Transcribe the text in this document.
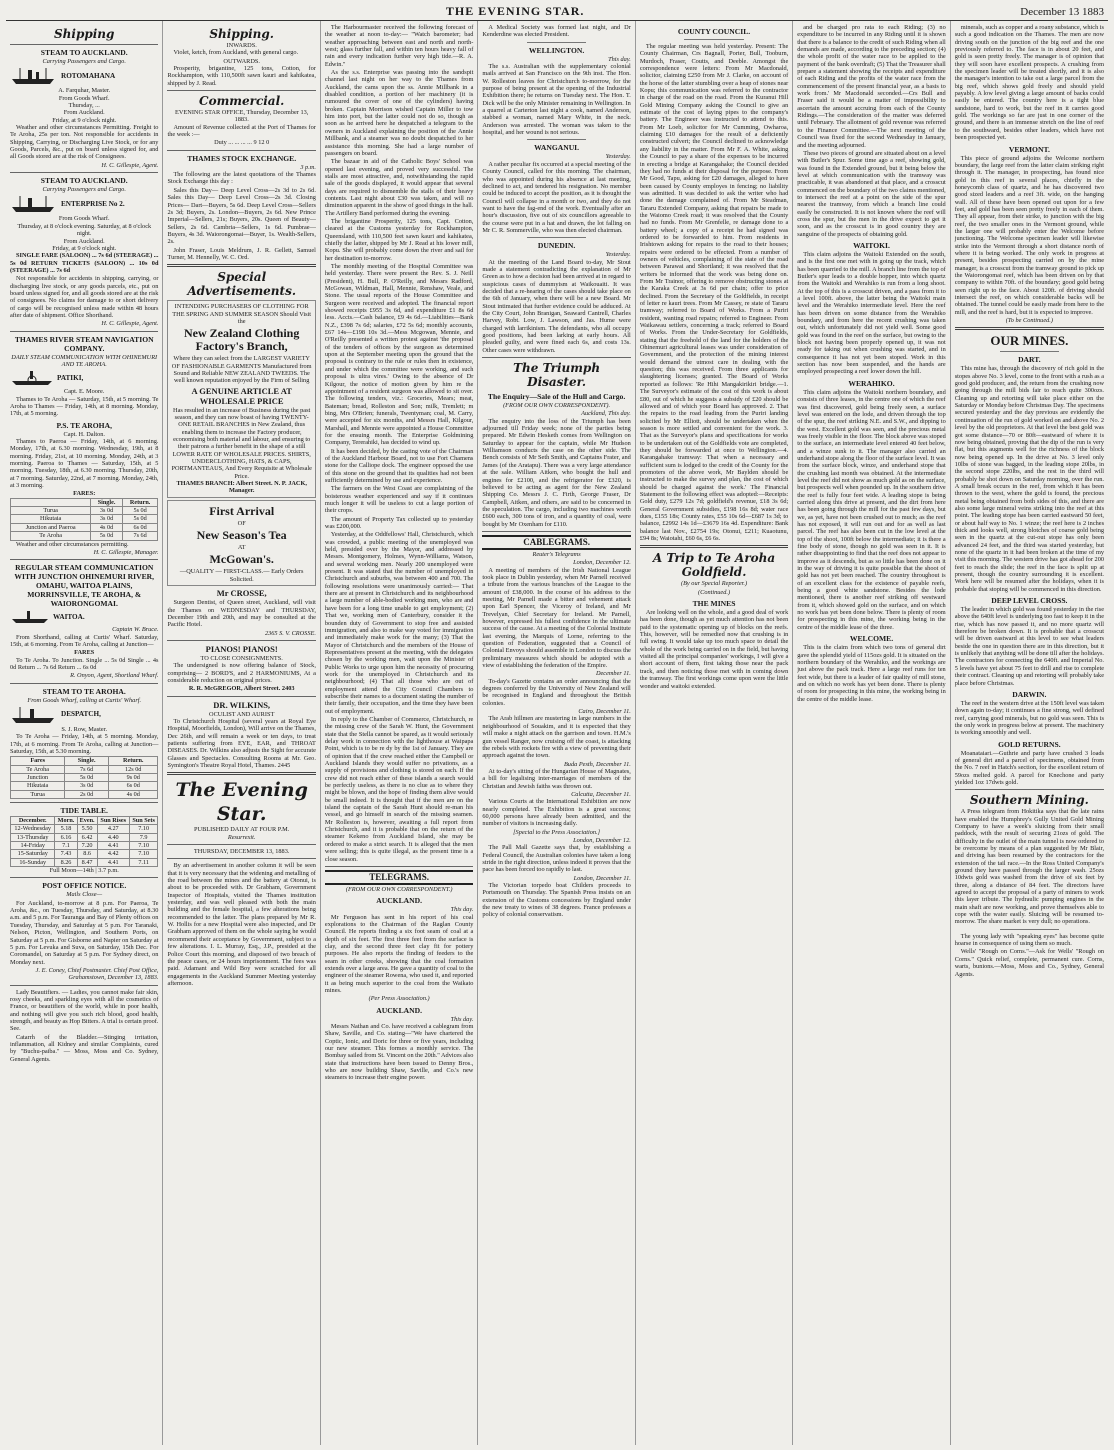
THE EVENING STAR.	December 13 1883
Shipping
STEAM TO AUCKLAND.
Carrying Passengers and Cargo.
ROTOMAHANA
A. Farquhar, Master.
From Goods Wharf.
Thursday, ...
From Auckland.
Friday, at 9 o'clock night.

Weather and other circumstances Permitting. Freight to Te Aroha, 25s per ton. Not responsible for accidents in Shipping, Carrying, or Discharging Live Stock, or for any Goods, Parcels, &c., put on board unless signed for, and all Goods stored are at the risk of Consignees.

H. C. Gillespie, Agent.
STEAM TO AUCKLAND.
Carrying Passengers and Cargo.
ENTERPRISE No 2.
From Goods Wharf.
Thursday, at 8 o'clock evening. Saturday, at 8 o'clock night.
From Auckland.
Friday, at 9 o'clock night.

SINGLE FARE (SALOON) ... 7s 6d (STEERAGE) ... 5s 0d RETURN TICKETS (SALOON) ... 10s 0d (STEERAGE) ... 7s 6d

Not responsible for accidents in shipping, carrying, or discharging live stock, or any goods parcels, etc., put on board unless signed for, and all goods stored are at the risk of consignees. No claims for damage to or short delivery of cargo will be recognised unless made within 48 hours after date of shipment. Office Shorthand.

H. C. Gillespie, Agent.
THAMES RIVER STEAM NAVIGATION COMPANY.
DAILY STEAM COMMUNICATION WITH OHINEMURI AND TE AROHA.
PATIKI,
Capt. E. Moore.

Thames to Te Aroha — Saturday, 15th, at 5 morning. Te Aroha to Thames — Friday, 14th, at 8 morning. Monday, 17th, at 5 morning.

P.S. TE AROHA,
Capt. H. Dalton.

Thames to Paeroa — Friday, 14th, at 6 morning. Monday, 17th, at 6.30 morning. Wednesday, 19th, at 8 morning. Friday, 21st, at 10 morning. Monday, 24th, at 3 morning. Paeroa to Thames — Saturday, 15th, at 5 morning. Tuesday, 18th, at 6.30 morning. Thursday, 20th, at 7 morning. Saturday, 22nd, at 7 morning. Monday, 24th, at 3 morning.

FARES:
	Single.	Return.
Turua	3s 0d	5s 0d
Hikutaia	3s 0d	5s 0d
Junction and Paeroa	4s 0d	6s 0d
Te Aroha	5s 0d	7s 6d

Weather and other circumstances permitting.

H. C. Gillespie, Manager.
REGULAR STEAM COMMUNICATION WITH JUNCTION OHINEMURI RIVER, OMAHU, WAITOA PLAINS, MORRINSVILLE, TE AROHA, & WAIORONGOMAI.
WAITOA.
Captain W. Bruce.

From Shorthand, calling at Curtis' Wharf. Saturday, 15th, at 6 morning. From Te Aroha, calling at Junction—

FARES

To Te Aroha. To Junction. Single ... 5s 0d Single ... 4s 0d Return ... 7s 6d Return ... 6s 0d

R. Onyon, Agent, Shortland Wharf.
STEAM TO TE AROHA.
From Goods Wharf, calling at Curtis' Wharf.
DESPATCH,
S. J. Row, Master.

To Te Aroha — Friday, 14th, at 5 morning. Monday, 17th, at 6 morning. From Te Aroha, calling at Junction— Saturday, 15th, at 5.30 morning.

Fares	Single.	Return.
Te Aroha	7s 6d	12s 0d
Junction	5s 0d	9s 0d
Hikutaia	3s 0d	6s 0d
Turua	2s 0d	4s 0d
TIDE TABLE.
December.	Morn.	Even.	Sun Rises	Sun Sets
12-Wednesday	5.18	5.50	4.27	7.10
13-Thursday	6.16	6.42	4.40	7.9
14-Friday	7.1	7.20	4.41	7.10
15-Saturday	7.43	8.6	4.42	7.10
16-Sunday	8.26	8.47	4.41	7.11
Full Moon—14th | 3.7 p.m.
POST OFFICE NOTICE.
Mails Close—

For Auckland, to-morrow at 8 p.m. For Paeroa, Te Aroha, &c., on Tuesday, Thursday, and Saturday, at 8.30 a.m. and 5 p.m. For Tauranga and Bay of Plenty offices on Tuesday, Thursday, and Saturday at 5 p.m. For Taranaki, Nelson, Picton, Wellington, and Southern Ports, on Saturday at 5 p.m. For Gisborne and Napier on Saturday at 5 p.m. For Levuka and Suva, on Saturday, 15th Dec. For Coromandel, on Saturday at 5 p.m. For Sydney direct, on Monday next.

J. E. Coney, Chief Postmaster. Chief Post Office, Grahamstown, December 13, 1883.

Lady Beautifiers. — Ladies, you cannot make fair skin, rosy cheeks, and sparkling eyes with all the cosmetics of France, or beautifiers of the world, while in poor health, and nothing will give you such rich blood, good health, strength, and beauty as Hop Bitters. A trial is certain proof. See.

Catarrh of the Bladder.—Stinging irritation, inflammation, all Kidney and similar Complaints, cured by "Buchu-paiba." — Moss, Moss and Co. Sydney, General Agents.

Shipping.
INWARDS.

Violet, ketch, from Auckland, with general cargo.

OUTWARDS.

Prosperity, brigantine, 125 tons, Cotton, for Rockhampton, with 110,500ft sawn kauri and kahikatea, shipped by J. Read.

Commercial.
EVENING STAR OFFICE, Thursday, December 13, 1883.

Amount of Revenue collected at the Port of Thames for the week :—

Duty ... ... ... ... 9 12 0
THAMES STOCK EXCHANGE.
3 p.m.

The following are the latest quotations of the Thames Stock Exchange this day :

Sales this Day— Deep Level Cross—2s 3d to 2s 6d. Sales this Day— Deep Level Cross—2s 3d. Closing Prices— Dart—Buyers, 5s 6d. Deep Level Cross—Sellers 2s 3d; Buyers, 2s. London—Buyers, 2s 6d. New Prince Imperial—Sellers, 21s; Buyers, 20s. Queen of Beauty—Sellers, 2s 6d. Cambria—Sellers, 1s 6d. Pumbrae—Buyers, 4s 3d. Waiorongomai—Buyer, 1s. Wealth-Sellers, 2s.

John Fraser, Louis Meldrum, J. R. Gellett, Samuel Turner, M. Hennelly, W. C. Ord.

Special Advertisements.
INTENDING PURCHASERS OF CLOTHING FOR THE SPRING AND SUMMER SEASON Should Visit the
New Zealand Clothing Factory's Branch,
Where they can select from the LARGEST VARIETY OF FASHIONABLE GARMENTS Manufactured from Sound and Reliable NEW ZEALAND TWEEDS. The well known reputation enjoyed by the Firm of Selling
A GENUINE ARTICLE AT WHOLESALE PRICE
Has resulted in an increase of Business during the past season, and they can now boast of having TWENTY-ONE RETAIL BRANCHES in New Zealand, thus enabling them to increase the Factory producer, economising both material and labour, and ensuring to their patrons a further benefit in the shape of a still LOWER RATE OF WHOLESALE PRICES. SHIRTS, UNDERCLOTHING, HATS, & CAPS, PORTMANTEAUS, And Every Requisite at Wholesale Price.
THAMES BRANCH: Albert Street. N. P. JACK, Manager.
First Arrival
OF
New Season's Tea
AT
McGowan's.
—QUALITY — FIRST-CLASS.— Early Orders Solicited.
Mr CROSSE,

Surgeon Dentist, of Queen street, Auckland, will visit the Thames on WEDNESDAY and THURSDAY, December 19th and 20th, and may be consulted at the Pacific Hotel.

2365 S. V. CROSSE.
PIANOS! PIANOS!
TO CLOSE CONSIGNMENTS.

The undersigned is now offering balance of Stock, comprising— 2 BORD'S, and 2 HARMONIUMS, At a considerable reduction on original prices.

R. R. McGREGOR, Albert Street. 2403
DR. WILKINS,
OCULIST AND AURIST

To Christchurch Hospital (several years at Royal Eye Hospital, Moorfields, London), Will arrive on the Thames, Dec 26th, and will remain a week or ten days, to treat patients suffering from EYE, EAR, and THROAT DISEASES. Dr. Wilkins also adjusts the Sight for accurate Glasses and Spectacles. Consulting Rooms at Mr. Geo. Symington's Theatre Royal Hotel, Thames. 2445

The Evening Star.
PUBLISHED DAILY AT FOUR P.M.
Resurrexit.
THURSDAY, DECEMBER 13, 1883.

By an advertisement in another column it will be seen that it is very necessary that the widening and metalling of the road between the mines and the battery at Otonui, is about to be proceeded with. Dr Grabham, Government Inspector of Hospitals, visited the Thames institution yesterday, and was well pleased with both the main building and the female hospital, a few alterations being recommended to the latter. The plans prepared by Mr R. W. Hollis for a new Hospital were also inspected, and Dr Grabham approved of them on the whole saying he would recommend their acceptance by Government, subject to a few alterations. I. L. Murray, Esq., J.P., presided at the Police Court this morning, and disposed of two breach of the peace cases, or 24 hours imprisonment. The fees was paid. Adamant and Wild Boy were scratched for all engagements in the Auckland Summer Meeting yesterday afternoon.

The Harbourmaster received the following forecast of the weather at noon to-day:— "Watch barometer; bad weather approaching between east and north and north-west; glass further fall, and within ten hours heavy fall of rain and every indication further very high tide.—R. A. Edwin."

As the s.s. Enterprise was passing into the sandspit channel last night on her way to the Thames from Auckland, the cams upon the ss. Annie Millbank in a disabled condition, a portion of her machinery (it is rumoured the cover of one of the cylinders) having broken. Captain Morrison wished Captain Miller to tow him into port, but the latter could not do so, though as soon as he arrived here he despatched a telegram to the owners in Auckland explaining the position of the Annie Millbank, and a steamer was no doubt despatched to her assistance this morning. She had a large number of passengers on board.

The bazaar in aid of the Catholic Boys' School was opened last evening, and proved very successful. The stalls are most attractive, and, notwithstanding the rapid sale of the goods displayed, it would appear that several days are required to dismemble the stalls of their heavy contents. Last night about £30 was taken, and will no diminution apparent in the show of good things in the hall. The Artillery Band performed during the evening.

The brigantine Prosperity, 125 tons, Capt. Cotton, cleared at the Customs yesterday for Rockhampton, Queensland, with 110,500 feet sawn kauri and kahikatea, chiefly the latter, shipped by Mr J. Read at his lower mill, Kopu. She will probably come down the river and sail for her destination to-morrow.

The monthly meeting of the Hospital Committee was held yesterday. There were present the Rev. S. J. Neill (President), H. Bull, P. O'Reilly, and Messrs Radford, McGowan, Wildman, Hall, Mennie, Renshaw, Veale, and Stone. The usual reports of the House Committee and Surgeon were received and adopted. The financial report showed receipts £955 3s 6d, and expenditure £1 8s 6d less. Accts.—Cash balance, £9 4s 6d.—Liabilities—Bank N.Z., £398 7s 6d; salaries, £72 5s 6d; monthly accounts, £67 14s—£198 10s 3d.—Mess Mcgowan, Mennie, and O'Reilly presented a written protest against 'the proposal of the tenders of offices by the surgeon as determined upon at the September meeting upon the ground that the proposal is contrary to the rule or rules then in existence, and under which the committee were working, and such proposal is ultra vires.' Owing to the absence of Dr Kilgour, the notice of motion given by him re the appointment of a resident surgeon was allowed to sit over. The following tenders, viz.: Groceries, Mears; meat, Bateman; bread, Rolleston and Son; milk, Tremlett; m bing, Mrs O'Brien; funerals, Twentyman; coal, M. Carry, were accepted for six months, and Messrs Hall, Kilgour, Marshall, and Mennie were appointed a House Committee for the ensuing month. The Enterprise Goldmining Company, Tererahiki, has decided to wind up.

It has been decided, by the casting vote of the Chairman of the Auckland Harbour Board, not to use Fort Chamens stone for the Calliope dock. The engineer opposed the use of this stone on the ground that its qualities had not been sufficiently determined by use and experience.

The farmers on the West Coast are complaining of the boisterous weather experienced and say if it continues much longer it will be useless to cut a large portion of their crops.

The amount of Property Tax collected up to yesterday was £200,000.

Yesterday, at the Oddfellows' Hall, Christchurch, which was crowded, a public meeting of the unemployed was held, presided over by the Mayor, and addressed by Messrs. Montgomery, Holmes, Wynn-Williams, Watson, and several working men. Nearly 200 unemployed were present. It was stated that the number of unemployed in Christchurch and suburbs, was between 400 and 700. The following resolutions were unanimously carried:— That there are at present in Christchurch and its neighbourhood a large number of able-bodied working men, who are and have been for a long time unable to get employment; (2) That we, working men of Canterbury, consider it the bounden duty of Government to stop free and assisted immigration, and also to make way voted for immigration and immediately make work for the many; (3) That the Mayor of Christchurch and the members of the House of Representatives present at the meeting, with the delegates chosen by the working men, wait upon the Minister of Public Works to urge upon him the necessity of procuring work for the unemployed in Christchurch and its neighbourhood; (4) That all those who are out of employment attend the City Council Chambers to subscribe their names to a document stating the number of their family, their occupation, and the time they have been out of employment.

In reply to the Chamber of Commerce, Christchurch, re the missing crew of the Sarah W. Hunt, the Government state that the Stella cannot be spared, as it would seriously delay work in connection with the lighthouse at Waipapa Point, which is to be re dy by the 1st of January. They are of opinion that if the crew reached either the Campbell or Auckland Islands they would suffer no privations, as a supply of provisions and clothing is stored on each. If the crew did not reach either of these islands a search would be perfectly useless, as there is no clue as to where they might be blown, and the hope of finding them alive would be small indeed. It is thought that if the men are on the island the captain of the Sarah Hunt should re-man his vessel, and go himself in search of the missing seamen. Mr Rolleston is, however, awaiting a full report from Christchurch, and it is probable that on the return of the steamer Kekeno from Auckland Island, she may be ordered to make a strict search. It is alleged that the men were selling; this is quite illegal, as the present time is a close season.

TELEGRAMS.
(FROM OUR OWN CORRESPONDENT.)
AUCKLAND.
This day.

Mr Ferguson has sent in his report of his coal explorations to the Chairman of the Raglan County Council. He reports finding a six foot seam of coal at a depth of six feet. The first three feet from the surface is clay, and the second three feet clay fit for pottery purposes. He also reports the finding of feeders to the seam in other creeks, showing that the coal formation extends over a large area. He gave a quantity of coal to the engineer of the steamer Rowena, who used it, and reported it as being much superior to the coal from the Waikato mines.

(Per Press Association.)
AUCKLAND.
This day.

Messrs Nathan and Co. have received a cablegram from Shaw, Saville, and Co. stating—"We have chartered the Coptic, Ionic, and Doric for three or five years, including our new steamer. This formes a monthly service. The Bombay sailed from St. Vincent on the 20th." Advices also state that instructions have been issued to Denny Bros., who are now building Shaw, Saville, and Co.'s new steamers to increase their engine power.

A Medical Society was formed last night, and Dr Kenderdine was elected President.

WELLINGTON.
This day.

The s.s. Australian with the supplementary colonial mails arrived at San Francisco on the 9th inst. The Hon. W. Rolleston leaves for Christchurch to-morrow, for the purpose of being present at the opening of the Industrial Exhibition there; he returns on Tuesday next. The Hon. T. Dick will be the only Minister remaining in Wellington. In a quarrel at Carterton last night a cook, named Anderson, stabbed a woman, named Mary White, in the neck. Anderson was arrested. The woman was taken to the hospital, and her wound is not serious.

WANGANUI.
Yesterday.

A rather peculiar fix occurred at a special meeting of the County Council, called for this morning. The chairman, who was appointed during his absence at last meeting, declined to act, and tendered his resignation. No member could be induced to accept the position, as it is thought the Council will collapse in a month or two, and they do not want to have the fag-end of the work. Eventually after an hour's discussion, five out of six councillors agreeable to the course were put in a hat and drawn, the lot falling on Mr C. R. Sommerville, who was then elected chairman.

DUNEDIN.
Yesterday.

At the meeting of the Land Board to-day, Mr Stout made a statement contradicting the explanation of Mr Green as to how a decision had been arrived at in regard to suspicious cases of dummyism at Waikouaiti. It was decided that a re-hearing of the cases should take place on the 6th of January, when there will be a new Board. Mr Stout intimated that further evidence could be adduced. At the City Court, John Branigan, Seaward Cantrell, Charles Harvey, Robt. Low, J. Lawson, and Jas. Hume were charged with larrikinism. The defendants, who all occupy good positions, had been larking at early hours. All pleaded guilty, and were fined each 6s, and costs 13s. Other cases were withdrawn.

The Triumph Disaster.
The Enquiry—Sale of the Hull and Cargo.
(FROM OUR OWN CORRESPONDENT).
Auckland, This day.

The enquiry into the loss of the Triumph has been adjourned till Friday week; none of the parties being prepared. Mr Edwin Hesketh comes from Wellington on Saturday to appear for the captain, while Mr Hudson Williamson conducts the case on the other side. The Bench consists of Mr Seth Smith, and Captains Frater, and James (of the Aratapu). There was a very large attendance at the sale. William Aitken, who bought the hull and engines for £2100, and the refrigerator for £320, is believed to be acting as agent for the New Zealand Shipping Co. Messrs J. C. Firth, George Fraser, Dr Campbell, Aitken, and others, are said to be concerned in the speculation. The cargo, including two machines worth £600 each, 300 tons of iron, and a quantity of coal, were bought by Mr Oxenham for £110.

CABLEGRAMS.
Reuter's Telegrams
London, December 12.

A meeting of members of the Irish National League took place in Dublin yesterday, when Mr Parnell received a tribute from the various branches of the League to the amount of £38,000. In the course of his address to the meeting, Mr Parnell made a bitter and vehement attack upon Earl Spencer, the Viceroy of Ireland, and Mr Trevelyan, Chief Secretary for Ireland. Mr Parnell, however, expressed his fullest confidence in the ultimate success of the cause. At a meeting of the Colonial Institute last evening, the Marquis of Lorne, referring to the question of Federation, suggested that a Council of Colonial Envoys should assemble in London to discuss the preliminary measures which should be adopted with a view of establishing the federation of the Empire.

December 11.

To-day's Gazette contains an order announcing that the degrees conferred by the University of New Zealand will be recognised in England and throughout the British colonies.

Cairo, December 11.

The Arab hillmen are mustering in large numbers in the neighbourhood of Souakim, and it is expected that they will make a night attack on the garrison and town. H.M.'s gun vessel Ranger, now cruising off the coast, is attacking the rebels with rockets fire with a view of preventing their approach against the town.

Buda Pesth, December 11.

At to-day's sitting of the Hungarian House of Magnates, a bill for legalising inter-marriages of members of the Christian and Jewish faiths was thrown out.

Calcutta, December 11.

Various Courts at the International Exhibition are now nearly completed. The Exhibition is a great success; 60,000 persons have already been admitted, and the number of visitors is increasing daily.

[Special to the Press Association.]
London, December 12.

The Pall Mall Gazette says that, by establishing a Federal Council, the Australian colonies have taken a long stride in the right direction, unless indeed it proves that the pace has been forced too rapidly to last.

London, December 11.

The Victorian torpedo boat Childers proceeds to Portsmouth on Thursday. The Spanish Press insists on an extension of the Customs concessions by England under the new treaty to wines of 38 degrees. France professes a policy of colonial conservatism.

COUNTY COUNCIL.

The regular meeting was held yesterday. Present: The County Chairman, Crs Bagnall, Porter, Bull, Tooburn, Murdoch, Fraser, Coutts, and Deeble. Amongst the correspondence were letters: From Mr Macdonald, solicitor, claiming £250 from Mr J. Clarke, on account of the horse of the latter stumbling over a heap of stones near Kopu; this communication was referred to the contractor in charge of the road on the road. From the Kuranui Hill Gold Mining Company asking the Council to give an estimate of the cost of laying pipes to the company's battery. The Engineer was instructed to attend to this. From Mr Loeb, solicitor for Mr Cumming, Owharoa, claiming £10 damages for the result of a deficiently constructed culvert; the Council declined to acknowledge any liability in the matter. From Mr F. A. White, asking the Council to pay a share of the expenses to be incurred in erecting a bridge at Karangahake; the Council decided they had no funds at their disposal for the purpose. From Mr Good, Tapu, asking for £20 damages, alleged to have been caused by County employes in fencing; no liability was admitted. It was decided to ask the writer who had done the damage complained of. From Mr Steadman, Tararu Extended Company, asking that repairs be made to the Waiomo Creek road; it was resolved that the County had no funds. From Mr Grenfelle, re damage done to a battery wheel; a copy of a receipt he had signed was ordered to be forwarded to him. From residents in Irishtown asking for repairs to the road to their houses; repairs were ordered to be effected. From a number of owners of vehicles, complaining of the state of the road between Parawai and Shortland; it was resolved that the writers be informed that the work was being done on. From Mr Trainor, offering to remove obstructing stones at the Karaka Creek at 3s 6d per chain; offer to price declined. From the Secretary of the Goldfields, in receipt of letter re kauri trees. From Mr Cassey, re state of Tararu tramway; referred to Board of Works. From a Puriri resident, wanting road repairs; referred to Engineer. From Waikawau settlers, concerning a track; referred to Board of Works. From the Under-Secretary for Goldfields, stating that the freehold of the land for the holders of the Ohinemuri agricultural leases was under consideration of Government, and the protection of the mining interest would demand the utmost care in dealing with the question; this was received. From three applicants for slaughtering licenses; granted. The Board of Works reported as follows: 'Re Hihi Mangakirikiri bridge.—1. The Surveyor's estimate of the cost of this work is about £80, out of which he suggests a subsidy of £20 should be allowed and of which your Board has approved. 2. That the repairs to the road leading from the Puriri landing solicited by Mr Elliott, should be undertaken when the season is more settled and convenient for the work. 3. That as the Surveyor's plans and specifications for works to be undertaken out of the Goldfields vote are completed, they should be forwarded at once to Wellington.—4. Karangahake tramway: That when a necessary and sufficient sum is lodged to the credit of the County for the promoters of the above work, Mr Baylden should be instructed to make the survey and plan, the cost of which should be charged against the work.' The Financial Statement to the following effect was adopted:—Receipts: Gold duty, £279 12s 7d; goldfield's revenue, £18 3s 6d; General Government subsidies, £198 16s 8d; water race dues, £155 18s; County rates, £55 10s 6d—£687 1s 3d; to balance, £2992 14s 1d—£3679 16s 4d. Expenditure: Bank balance last Nov., £2754 19s; Otonui, £211; Kuaotunu, £94 8s; Waiotahi, £60 6s, £6 6s.

A Trip to Te Aroha Goldfield.
(By our Special Reporter.)
(Continued.)
THE MINES

Are looking well on the whole, and a good deal of work has been done, though as yet much attention has not been paid to the systematic opening up of blocks on the reefs. This, however, will be remedied now that crushing is in full swing. It would take up too much space to detail the whole of the work being carried on in the field, but having visited all the principal companies' workings, I will give a short account of them, first taking those near the pack track, and then noticing those met with in coming down the tramway. The first workings come upon were the little wonder and waitoki extended.

and be charged pro rata to each Riding; (3) no expenditure to be incurred in any Riding until it is shown that there is a balance to the credit of such Riding when all demands are made, according to the preceding section; (4) the whole profit of the water race to be applied to the payment of the bank overdraft; (5) That the Treasurer shall prepare a statement showing the receipts and expenditure of each Riding and the profits of the water race from the commencement of the present financial year, as a basis to work from.' Mr Macdonald seconded.—Crs Bull and Fraser said it would be a matter of impossibility to ascertain the amount accruing from each of the County Ridings.—The consideration of the matter was deferred until February. The allotment of gold revenue was referred to the Finance Committee.—The next meeting of the Council was fixed for the second Wednesday in January, and the meeting adjourned.

These two pieces of ground are situated about on a level with Butler's Spur. Some time ago a reef, showing gold, was found in the Extended ground, but it being below the level at which communication with the tramway was practicable, it was abandoned at that place, and a crosscut commenced on the boundary of the two claims mentioned, to intersect the reef at a point on the side of the spur nearest the tramway, from which a branch line could easily be constructed. It is not known where the reef will cross the spur, but the men in the drive expect to get it soon, and as the crosscut is in good country they are sanguine of the prospects of obtaining gold.

WAITOKI.

This claim adjoins the Waitoki Extended on the south, and is the first one met with in going up the track, which has been quarried to the mill. A branch line from the top of Butler's spur leads to a double hopper, into which quartz from the Waitoki and Werahiko is run from a long shoot. At the top of this is a crosscut driven, and a pass from it to a level 100ft. above, the latter being the Waitoki main level and the Werahiko intermediate level. Here the reef has been driven on some distance from the Werahiko boundary, and from here the recent crushing was taken out, which unfortunately did not yield well. Some good gold was found in the reef on the surface, but owing to the block not having been properly opened up, it was not ready for taking out when crushing was started, and in consequence it has not yet been stoped. Work in this section has now been suspended, and the hands are employed prospecting a reef lower down the hill.

WERAHIKO.

This claim adjoins the Waitoki northern boundary, and consists of three leases, in the centre one of which the reef was first discovered, gold being freely seen, a surface level was entered on the lode, and driven through the top of the spur, the reef striking N.E. and S.W., and dipping to the west. Excellent gold was seen, and the precious metal was freely visible in the floor. The block above was stoped to the surface, an intermediate level entered 40 feet below, and a winze sunk to it. The manager also carried an underhand stope along the floor of the surface level. It was from the surface block, winze, and underhand stope that the crushing last month was obtained. At the intermediate level the reef did not show as much gold as on the surface, but prospects well when pounded up. In the southern drive the reef is fully four feet wide. A leading stope is being carried along this drive at present, and the dirt from here has been going through the mill for the past few days, but we, as yet, have not been crushed out to much; as the reef has not exposed, it will run out and for as well as last parcel. The reef has also been cut in the low level at the top of the shoot, 100ft below the intermediate; it is there a fine body of stone, though no gold was seen in it. It is rather disappointing to find that the reef does not appear to improve as it descends, but as so little has been done on it in the way of driving it is quite possible that the shoot of gold has not yet been reached. The country throughout is of an excellent class for the existence of payable reefs, being a good white sandstone. Besides the lode mentioned, there is another reef striking off westward from it, which showed gold on the surface, and on which no work has yet been done below. There is plenty of room for prospecting in this mine, the working being in the centre of the middle lease of the three.

WELCOME.

This is the claim from which two tons of general dirt gave the splendid yield of 115ozs gold. It is situated on the northern boundary of the Werahiko, and the workings are just above the pack track. Here a large reef runs for ten feet wide, but there is a leader of fair quality of mill stone, and on which no work has yet been done. There is plenty of room for prospecting in this mine, the working being in the centre of the middle lease.

minerals, such as copper and a roany substance, which is such a good indication on the Thames. The men are now driving south on the junction of the big reef and the one previously referred to. The face is in about 20 feet, and gold is seen pretty freely. The manager is of opinion that they will soon have excellent prospects. A crushing from the specimen leader will be treated shortly, and it is also the manager's intention to take out a large parcel from the big reef, which shows gold freely and should yield payably. A low level giving a large amount of backs could easily be entered. The country here is a tight blue sandstone, hard to work, but the reef in it carries good gold. The workings so far are just in one corner of the ground, and there is an immense stretch on the line of reef to the southward, besides other leaders, which have not been prospected yet.

VERMONT.

This piece of ground adjoins the Welcome northern boundary, the large reef from the latter claim striking right through it. The manager, in prospecting, has found nice gold in this reef in several places, chiefly in the honeycomb class of quartz, and he has discovered two good sized leaders and a reef 3ft. wide, on the hanging wall. All of these have been opened out upon for a few feet, and gold has been seen pretty freely in each of them. They all appear, from their strike, to junction with the big reef, the two smaller ones in the Vermont ground, while the larger one will probably enter the Welcome before junctioning. The Welcome specimen leader will likewise strike into the Vermont through a short distance north of where it is being worked. The only work in progress at present, besides prospecting carried on by the mine manager, is a crosscut from the tramway ground to pick up the Waiorongomai reef, which has been driven on by that company to within 70ft. of the boundary; good gold being seen right up to the face. About 120ft. of driving should intersect the reef, on which considerable backs will be obtained. The tunnel could be easily made from here to the mill, and the reef is hard, but it is expected to improve.

(To be Continued.)
OUR MINES.
DART.

This mine has, through the discovery of rich gold in the stopes above No. 3 level, come to the front with a rush as a good gold producer, and, the return from the crushing now going through the mill bids fair to reach quite 300ozs. Cleaning up and retorting will take place either on the Saturday or Monday before Christmas Day. The specimens secured yesterday and the day previous are evidently the continuation of the run of gold worked on and above No. 2 level by the old proprietors. At that level the best gold was got some distance—70 or 80ft—eastward of where it is now being obtained, proving that the dip of the run is very flat, but this augments well for the richness of the block now being opened up. In the drive at No. 3 level only 10lbs of stone was bagged, in the leading stope 20lbs, in the second stope 220lbs, and the rest in the third will probably be shot down on Saturday morning, over the run. A small break occurs in the reef, from which it has been thrown to the west, where the gold is found, the precious metal being obtained from both sides of this, and there are also some large mineral veins striking into the reef at this point. The leading stope has been carried eastward 50 feet, or about half way to No. 1 winze; the reef here is 2 inches thick and looks well, strong blotches of coarse gold being seen in the quartz at the cut-out stope has only been advanced 24 feet, and the third was started yesterday, but none of the quartz in it had been broken at the time of my visit this morning. The western drive has got ahead for 200 feet to reach the slide; the reef in the face is split up at present, though the country surrounding it is excellent. Work here will be resumed after the holidays, when it is probable that stoping will be commenced in this direction.

DEEP LEVEL CROSS.

The leader in which gold was found yesterday in the rise above the 640ft level is underlying too fast to keep it in the rise, which has now passed it, and no more quartz will therefore be broken down. It is probable that a crosscut will be driven eastward at this level to see what leaders beside the one in question there are in this direction, but it is unlikely that anything will be done till after the holidays. The contractors for connecting the 640ft. and Imperial No. 5 levels have yet about 75 feet to drill and rise to complete their contract. Cleaning up and retorting will probably take place before Christmas.

DARWIN.

The reef in the western drive at the 150ft level was taken down again to-day; it continues a fine strong, well defined reef, carrying good minerals, but no gold was seen. This is the only work in progress below at present. The machinery is working smoothly and well.

GOLD RETURNS.

Moanataiari.—Guthrie and party have crushed 3 loads of general dirt and a parcel of specimens, obtained from the No. 7 reef in Hatch's section, for the excellent return of 59ozs melted gold. A parcel for Knechone and party yielded 1oz 17dwts gold.

Southern Mining.

A Press telegram from Hokitika says that the late rains have enabled the Humphrey's Gully United Gold Mining Company to have a week's sluicing from their small paddock, with the result of securing 21ozs of gold. The difficulty in the outlet of the main tunnel is now ordered to be overcome by means of a plan suggested by Mr Blair, and driving has been resumed by the contractors for the extension of the tail race.—In the Ross United Company's ground they have passed through the larger wash. 25ozs 10dwts gold was washed from the drive of six feet by three, along a distance of 84 feet. The directors have agreed to accept the proposal of a party of miners to work this layer tribute. The hydraulic pumping engines in the main shaft are now working, and prove themselves able to cope with the water easily. Sluicing will be resumed to-morrow. The share market is very dull; no operations.

The young lady with "speaking eyes" has become quite hoarse in consequence of using them so much.

Wells' "Rough on Corns."—Ask for Wells' "Rough on Corns." Quick relief, complete, permanent cure. Corns, warts, bunions.—Moss, Moss and Co., Sydney, General Agents.
